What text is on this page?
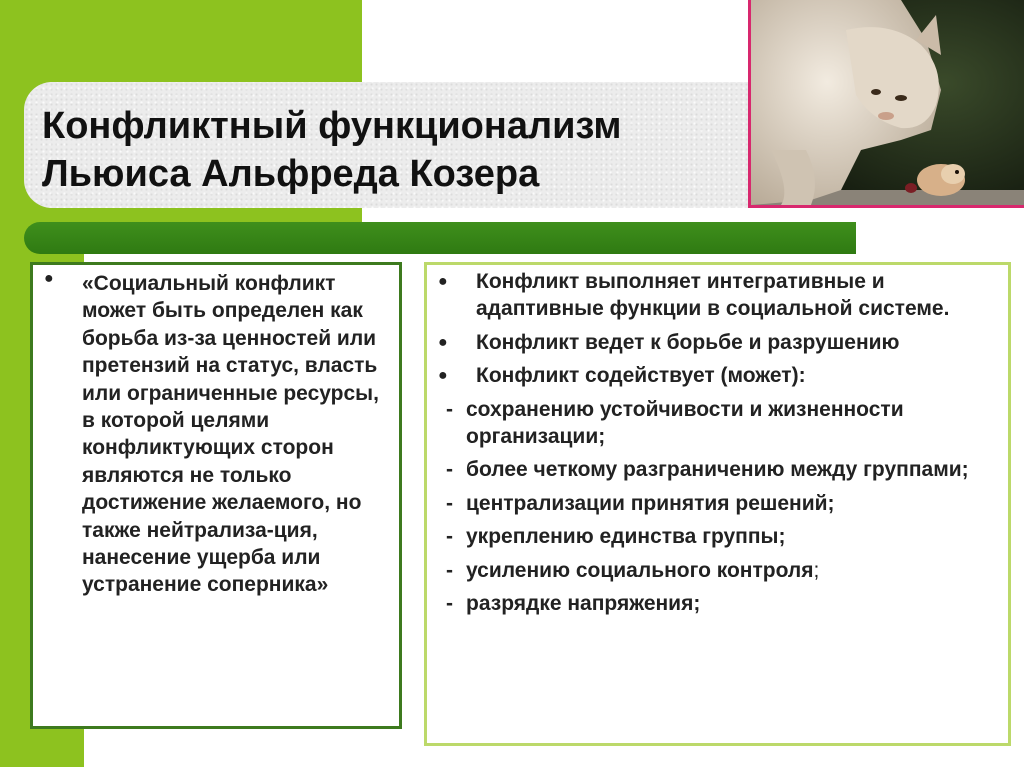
Конфликтный функционализм
Льюиса Альфреда Козера
● «Социальный конфликт может быть определен как борьба из-за ценностей или претензий на статус, власть или ограниченные ресурсы, в которой целями конфликтующих сторон являются не только достижение желаемого, но также нейтрализа-ция, нанесение ущерба или устранение соперника»
● Конфликт выполняет интегративные и адаптивные функции в социальной системе.
● Конфликт ведет к борьбе и разрушению
● Конфликт содействует (может):
- сохранению устойчивости и жизненности организации;
- более четкому разграничению между группами;
- централизации принятия решений;
- укреплению единства группы;
- усилению социального контроля;
- разрядке напряжения;
